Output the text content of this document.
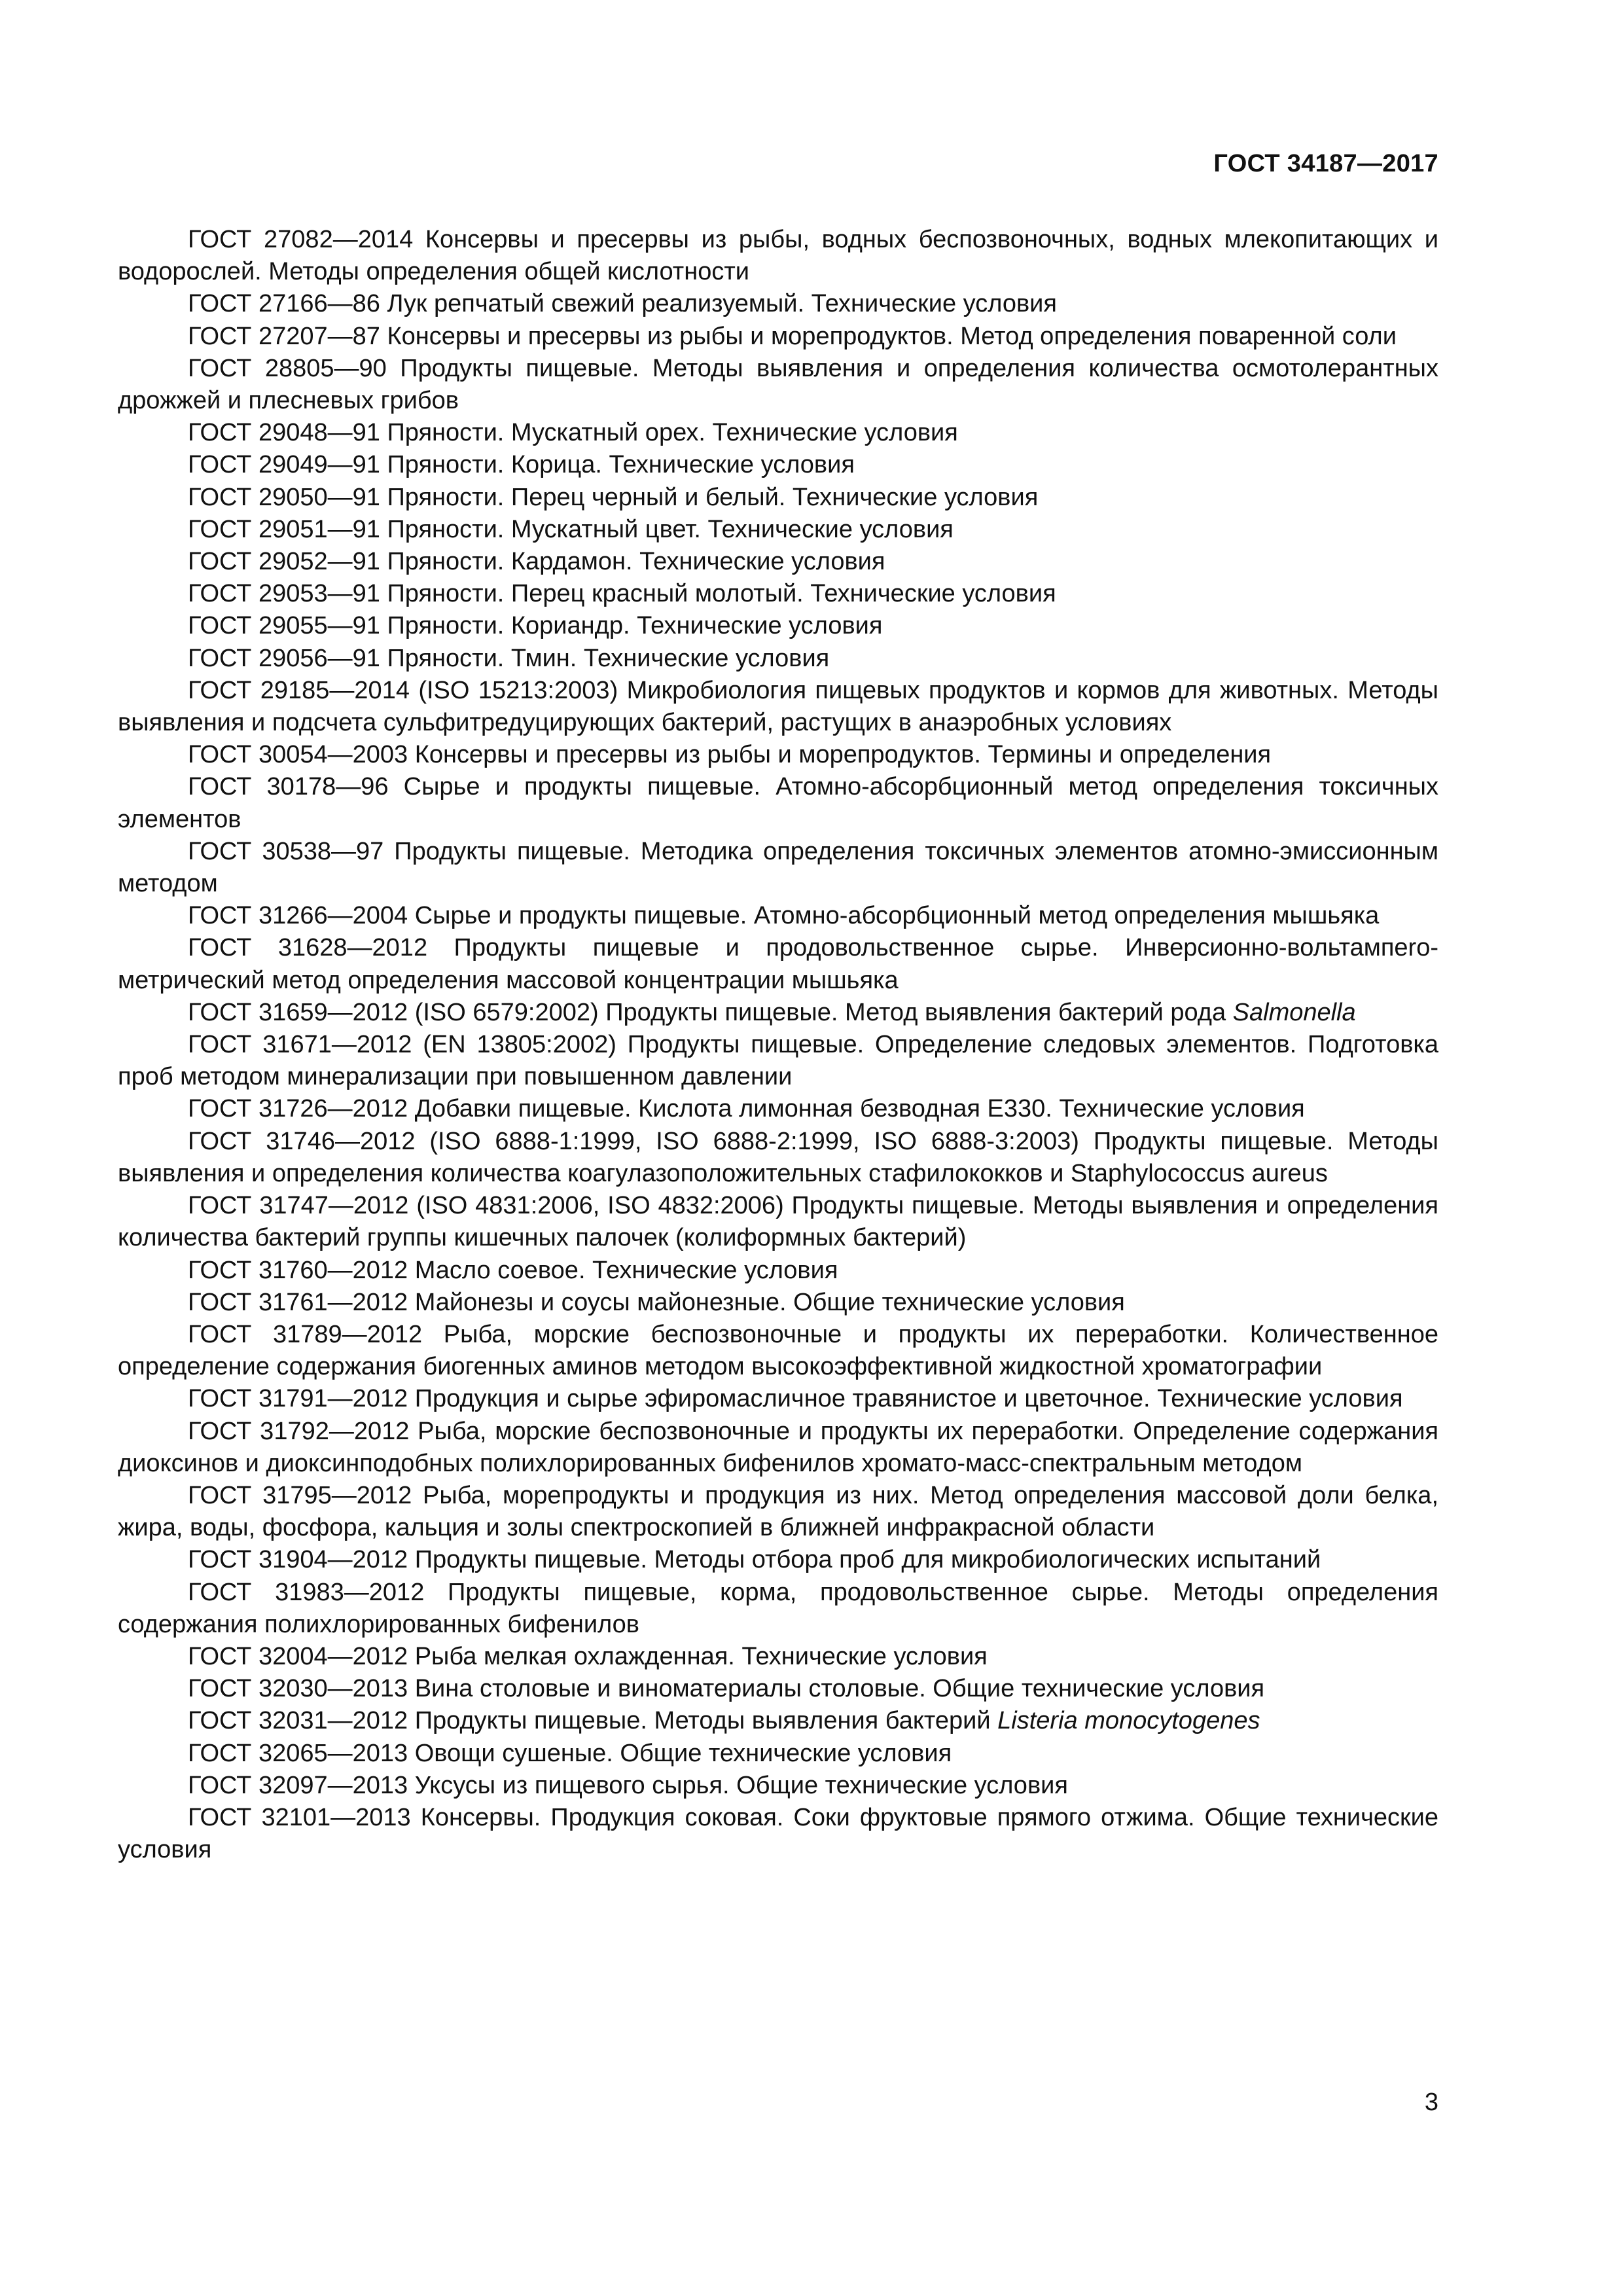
ГОСТ 34187—2017

ГОСТ 27082—2014 Консервы и пресервы из рыбы, водных беспозвоночных, водных млекопитающих и водорослей. Методы определения общей кислотности

ГОСТ 27166—86 Лук репчатый свежий реализуемый. Технические условия

ГОСТ 27207—87 Консервы и пресервы из рыбы и морепродуктов. Метод определения поваренной соли

ГОСТ 28805—90 Продукты пищевые. Методы выявления и определения количества осмотолерантных дрожжей и плесневых грибов

ГОСТ 29048—91 Пряности. Мускатный орех. Технические условия

ГОСТ 29049—91 Пряности. Корица. Технические условия

ГОСТ 29050—91 Пряности. Перец черный и белый. Технические условия

ГОСТ 29051—91 Пряности. Мускатный цвет. Технические условия

ГОСТ 29052—91 Пряности. Кардамон. Технические условия

ГОСТ 29053—91 Пряности. Перец красный молотый. Технические условия

ГОСТ 29055—91 Пряности. Кориандр. Технические условия

ГОСТ 29056—91 Пряности. Тмин. Технические условия

ГОСТ 29185—2014 (ISO 15213:2003) Микробиология пищевых продуктов и кормов для животных. Методы выявления и подсчета сульфитредуцирующих бактерий, растущих в анаэробных условиях

ГОСТ 30054—2003 Консервы и пресервы из рыбы и морепродуктов. Термины и определения

ГОСТ 30178—96 Сырье и продукты пищевые. Атомно-абсорбционный метод определения токсичных элементов

ГОСТ 30538—97 Продукты пищевые. Методика определения токсичных элементов атомно-эмиссионным методом

ГОСТ 31266—2004 Сырье и продукты пищевые. Атомно-абсорбционный метод определения мышьяка

ГОСТ 31628—2012 Продукты пищевые и продовольственное сырье. Инверсионно-вольтампeroметрический метод определения массовой концентрации мышьяка

ГОСТ 31659—2012 (ISO 6579:2002) Продукты пищевые. Метод выявления бактерий рода Salmonella

ГОСТ 31671—2012 (EN 13805:2002) Продукты пищевые. Определение следовых элементов. Подготовка проб методом минерализации при повышенном давлении

ГОСТ 31726—2012 Добавки пищевые. Кислота лимонная безводная Е330. Технические условия

ГОСТ 31746—2012 (ISO 6888-1:1999, ISO 6888-2:1999, ISO 6888-3:2003) Продукты пищевые. Методы выявления и определения количества коагулазоположительных стафилококков и Staphylococcus aureus

ГОСТ 31747—2012 (ISO 4831:2006, ISO 4832:2006) Продукты пищевые. Методы выявления и определения количества бактерий группы кишечных палочек (колиформных бактерий)

ГОСТ 31760—2012 Масло соевое. Технические условия

ГОСТ 31761—2012 Майонезы и соусы майонезные. Общие технические условия

ГОСТ 31789—2012 Рыба, морские беспозвоночные и продукты их переработки. Количественное определение содержания биогенных аминов методом высокоэффективной жидкостной хроматографии

ГОСТ 31791—2012 Продукция и сырье эфиромасличное травянистое и цветочное. Технические условия

ГОСТ 31792—2012 Рыба, морские беспозвоночные и продукты их переработки. Определение содержания диоксинов и диоксинподобных полихлорированных бифенилов хромато-масс-спектральным методом

ГОСТ 31795—2012 Рыба, морепродукты и продукция из них. Метод определения массовой доли белка, жира, воды, фосфора, кальция и золы спектроскопией в ближней инфракрасной области

ГОСТ 31904—2012 Продукты пищевые. Методы отбора проб для микробиологических испытаний

ГОСТ 31983—2012 Продукты пищевые, корма, продовольственное сырье. Методы определения содержания полихлорированных бифенилов

ГОСТ 32004—2012 Рыба мелкая охлажденная. Технические условия

ГОСТ 32030—2013 Вина столовые и виноматериалы столовые. Общие технические условия

ГОСТ 32031—2012 Продукты пищевые. Методы выявления бактерий Listeria monocytogenes

ГОСТ 32065—2013 Овощи сушеные. Общие технические условия

ГОСТ 32097—2013 Уксусы из пищевого сырья. Общие технические условия

ГОСТ 32101—2013 Консервы. Продукция соковая. Соки фруктовые прямого отжима. Общие технические условия

3
